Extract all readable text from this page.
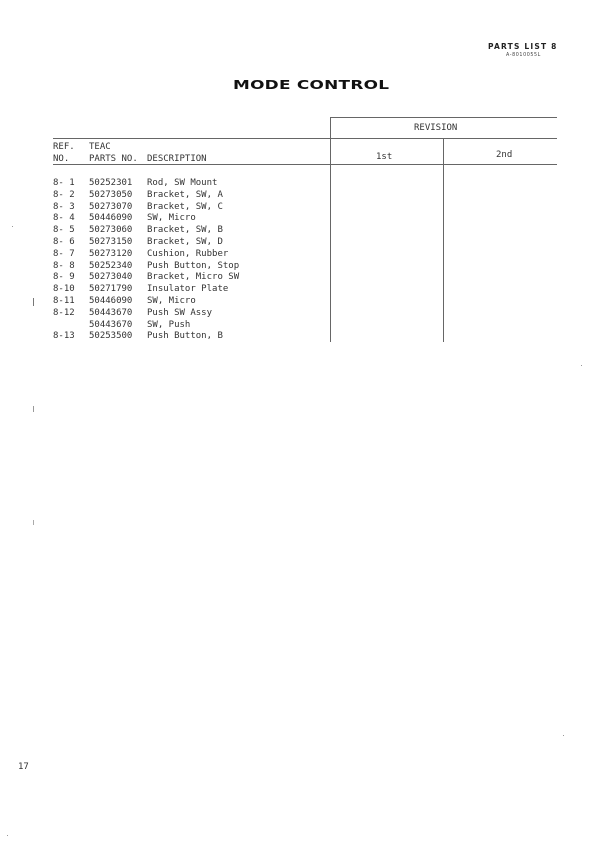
PARTS LIST 8
A-8010055L
MODE CONTROL
REVISION
REF.
NO.
TEAC
PARTS NO. DESCRIPTION	1st	2nd
8- 1 50252301 Rod, SW Mount
8- 2 50273050 Bracket, SW, A
8- 3 50273070 Bracket, SW, C
8- 4 50446090 SW, Micro
8- 5 50273060 Bracket, SW, B
8- 6 50273150 Bracket, SW, D
8- 7 50273120 Cushion, Rubber
8- 8 50252340 Push Button, Stop
8- 9 50273040 Bracket, Micro SW
8-10 50271790 Insulator Plate
8-11 50446090 SW, Micro
8-12 50443670 Push SW Assy
50443670 SW, Push
8-13 50253500 Push Button, B
17
